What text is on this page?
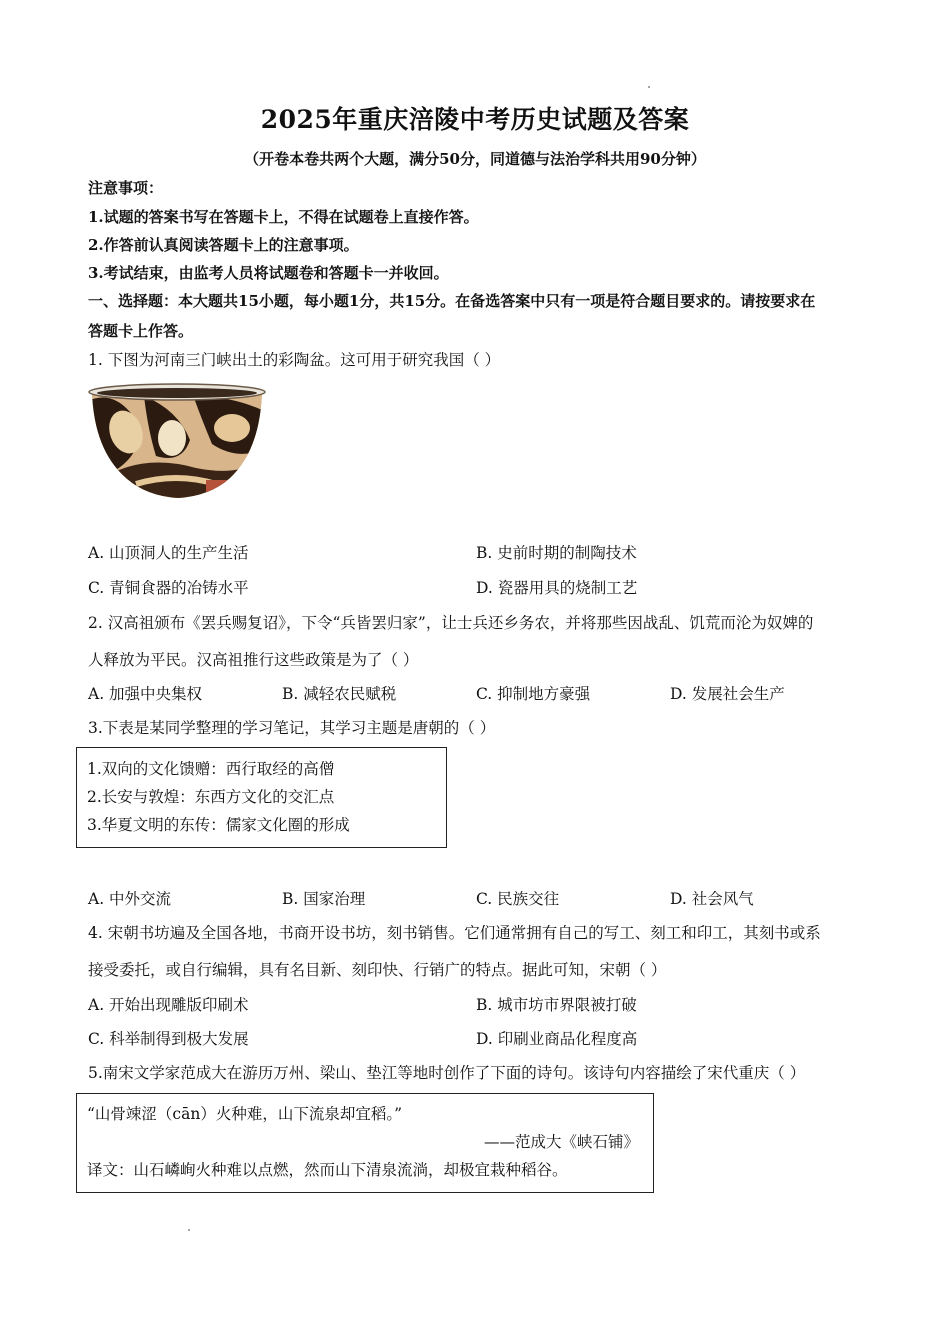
2025年重庆涪陵中考历史试题及答案
（开卷本卷共两个大题，满分50分，同道德与法治学科共用90分钟）
注意事项：
1.试题的答案书写在答题卡上，不得在试题卷上直接作答。
2.作答前认真阅读答题卡上的注意事项。
3.考试结束，由监考人员将试题卷和答题卡一并收回。
一、选择题：本大题共15小题，每小题1分，共15分。在备选答案中只有一项是符合题目要求的。请按要求在
答题卡上作答。
1. 下图为河南三门峡出土的彩陶盆。这可用于研究我国（ ）
A. 山顶洞人的生产生活	B. 史前时期的制陶技术
C. 青铜食器的冶铸水平	D. 瓷器用具的烧制工艺
2. 汉高祖颁布《罢兵赐复诏》，下令“兵皆罢归家”，让士兵还乡务农，并将那些因战乱、饥荒而沦为奴婢的
人释放为平民。汉高祖推行这些政策是为了（ ）
A. 加强中央集权	B. 减轻农民赋税	C. 抑制地方豪强	D. 发展社会生产
3.下表是某同学整理的学习笔记，其学习主题是唐朝的（ ）
1.双向的文化馈赠：西行取经的高僧
2.长安与敦煌：东西方文化的交汇点
3.华夏文明的东传：儒家文化圈的形成
A. 中外交流	B. 国家治理	C. 民族交往	D. 社会风气
4. 宋朝书坊遍及全国各地，书商开设书坊，刻书销售。它们通常拥有自己的写工、刻工和印工，其刻书或系
接受委托，或自行编辑，具有名目新、刻印快、行销广的特点。据此可知，宋朝（ ）
A. 开始出现雕版印刷术	B. 城市坊市界限被打破
C. 科举制得到极大发展	D. 印刷业商品化程度高
5.南宋文学家范成大在游历万州、梁山、垫江等地时创作了下面的诗句。该诗句内容描绘了宋代重庆（ ）
“山骨竦涩（cān）火种难，山下流泉却宜稻。”
——范成大《峡石铺》
译文：山石嶙峋火种难以点燃，然而山下清泉流淌，却极宜栽种稻谷。
